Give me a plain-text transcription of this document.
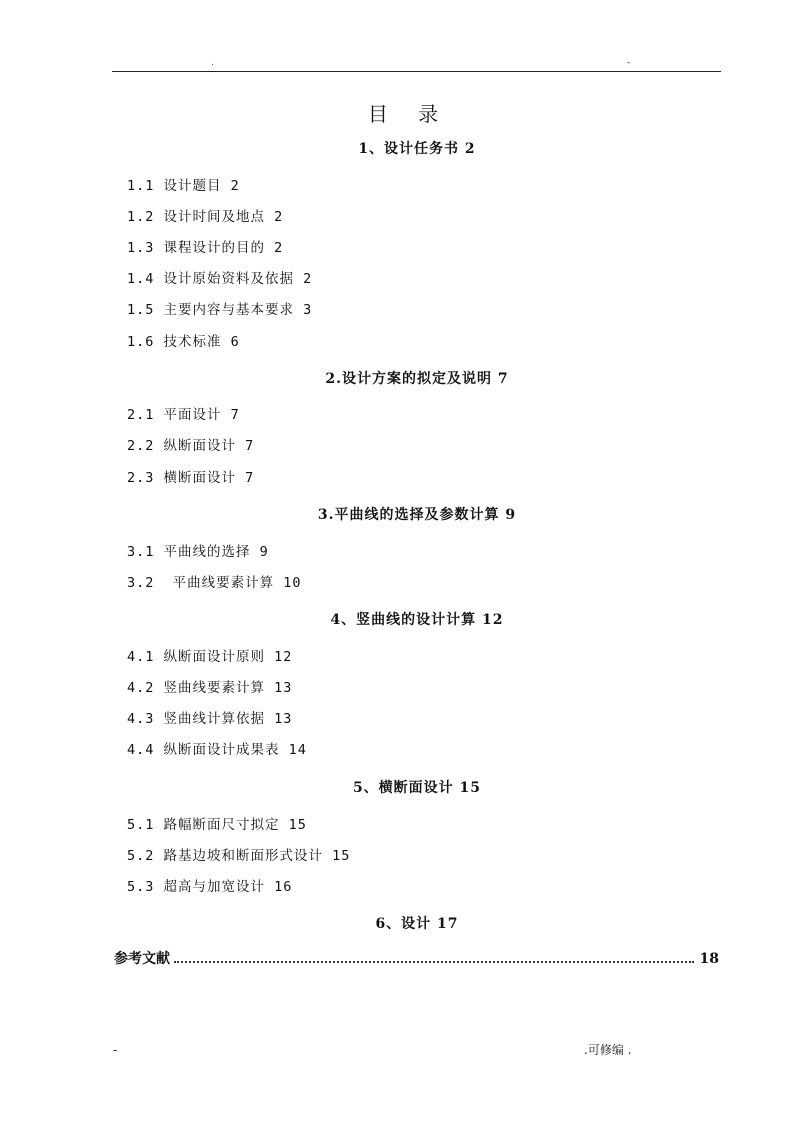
.	-
目 录
1、设计任务书 2
1.1 设计题目 2
1.2 设计时间及地点 2
1.3 课程设计的目的 2
1.4 设计原始资料及依据 2
1.5 主要内容与基本要求 3
1.6 技术标准 6
2.设计方案的拟定及说明 7
2.1 平面设计 7
2.2 纵断面设计 7
2.3 横断面设计 7
3.平曲线的选择及参数计算 9
3.1 平曲线的选择 9
3.2  平曲线要素计算 10
4、竖曲线的设计计算 12
4.1 纵断面设计原则 12
4.2 竖曲线要素计算 13
4.3 竖曲线计算依据 13
4.4 纵断面设计成果表 14
5、横断面设计 15
5.1 路幅断面尺寸拟定 15
5.2 路基边坡和断面形式设计 15
5.3 超高与加宽设计 16
6、设计 17
参考文献	18
-	.可修编 .
